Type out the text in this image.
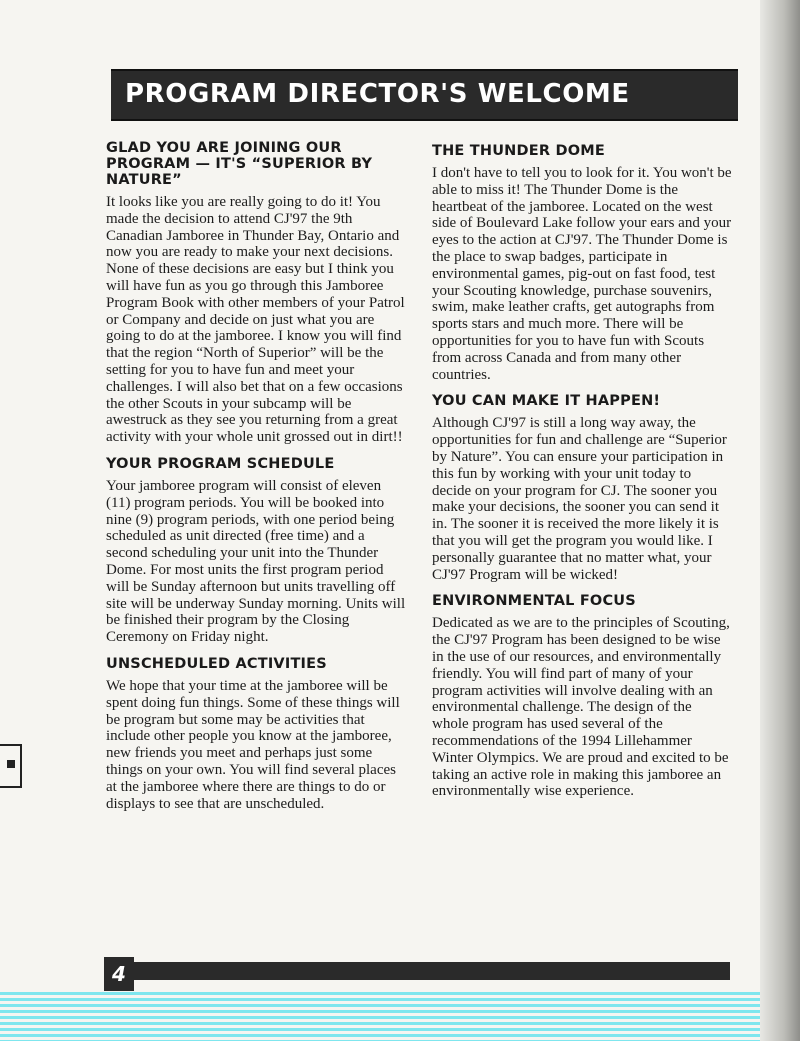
PROGRAM DIRECTOR'S WELCOME
GLAD YOU ARE JOINING OUR PROGRAM — IT'S “SUPERIOR BY NATURE”

It looks like you are really going to do it! You made the decision to attend CJ'97 the 9th Canadian Jamboree in Thunder Bay, Ontario and now you are ready to make your next decisions. None of these decisions are easy but I think you will have fun as you go through this Jamboree Program Book with other members of your Patrol or Company and decide on just what you are going to do at the jamboree. I know you will find that the region “North of Superior” will be the setting for you to have fun and meet your challenges. I will also bet that on a few occasions the other Scouts in your subcamp will be awestruck as they see you returning from a great activity with your whole unit grossed out in dirt!!

YOUR PROGRAM SCHEDULE

Your jamboree program will consist of eleven (11) program periods. You will be booked into nine (9) program periods, with one period being scheduled as unit directed (free time) and a second scheduling your unit into the Thunder Dome. For most units the first program period will be Sunday afternoon but units travelling off site will be underway Sunday morning. Units will be finished their program by the Closing Ceremony on Friday night.

UNSCHEDULED ACTIVITIES

We hope that your time at the jamboree will be spent doing fun things. Some of these things will be program but some may be activities that include other people you know at the jamboree, new friends you meet and perhaps just some things on your own. You will find several places at the jamboree where there are things to do or displays to see that are unscheduled.

THE THUNDER DOME

I don't have to tell you to look for it. You won't be able to miss it! The Thunder Dome is the heartbeat of the jamboree. Located on the west side of Boulevard Lake follow your ears and your eyes to the action at CJ'97. The Thunder Dome is the place to swap badges, participate in environmental games, pig-out on fast food, test your Scouting knowledge, purchase souvenirs, swim, make leather crafts, get autographs from sports stars and much more. There will be opportunities for you to have fun with Scouts from across Canada and from many other countries.

YOU CAN MAKE IT HAPPEN!

Although CJ'97 is still a long way away, the opportunities for fun and challenge are “Superior by Nature”. You can ensure your participation in this fun by working with your unit today to decide on your program for CJ. The sooner you make your decisions, the sooner you can send it in. The sooner it is received the more likely it is that you will get the program you would like. I personally guarantee that no matter what, your CJ'97 Program will be wicked!

ENVIRONMENTAL FOCUS

Dedicated as we are to the principles of Scouting, the CJ'97 Program has been designed to be wise in the use of our resources, and environmentally friendly. You will find part of many of your program activities will involve dealing with an environmental challenge. The design of the whole program has used several of the recommendations of the 1994 Lillehammer Winter Olympics. We are proud and excited to be taking an active role in making this jamboree an environmentally wise experience.

4
